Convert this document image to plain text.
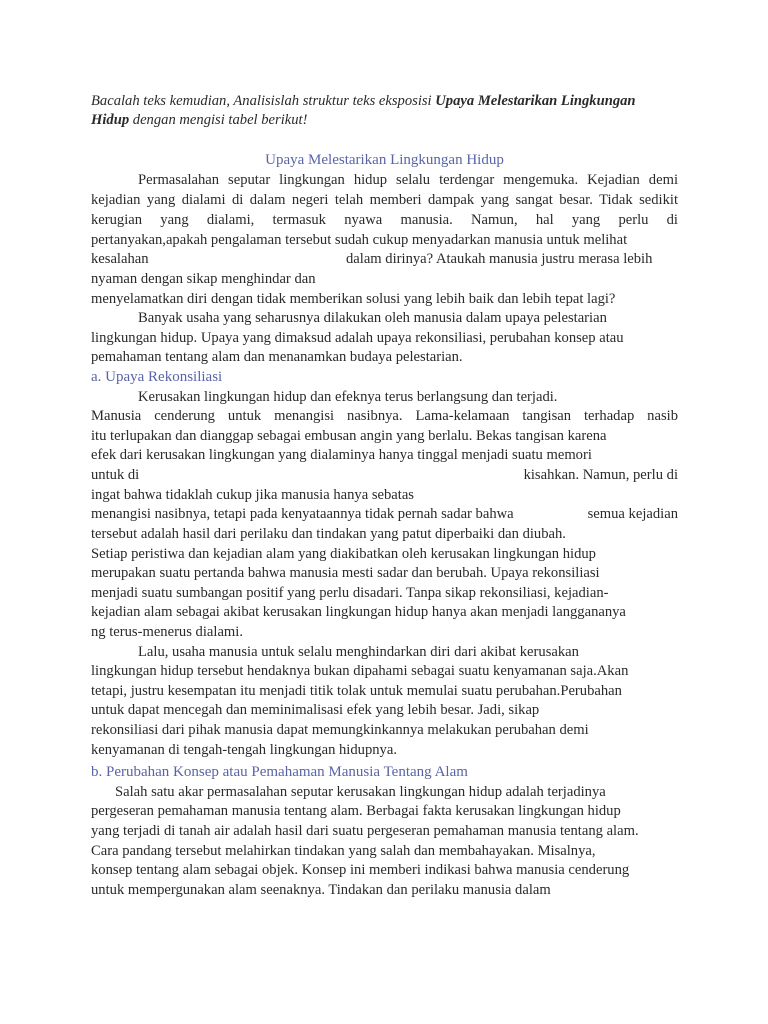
Bacalah teks kemudian, Analisislah struktur teks eksposisi Upaya Melestarikan Lingkungan
Hidup dengan mengisi tabel berikut!
Upaya Melestarikan Lingkungan Hidup
Permasalahan seputar lingkungan hidup selalu terdengar mengemuka. Kejadian demi
kejadian yang dialami di dalam negeri telah memberi dampak yang sangat besar. Tidak sedikit
kerugian yang dialami, termasuk nyawa manusia. Namun, hal yang perlu di
pertanyakan,apakah pengalaman tersebut sudah cukup menyadarkan manusia untuk melihat
kesalahan	dalam dirinya? Ataukah manusia justru merasa lebih
nyaman dengan sikap menghindar dan
menyelamatkan diri dengan tidak memberikan solusi yang lebih baik dan lebih tepat lagi?
Banyak usaha yang seharusnya dilakukan oleh manusia dalam upaya pelestarian
lingkungan hidup. Upaya yang dimaksud adalah upaya rekonsiliasi, perubahan konsep atau
pemahaman tentang alam dan menanamkan budaya pelestarian.
a. Upaya Rekonsiliasi
Kerusakan lingkungan hidup dan efeknya terus berlangsung dan terjadi.
Manusia cenderung untuk menangisi nasibnya. Lama-kelamaan tangisan terhadap nasib
itu terlupakan dan dianggap sebagai embusan angin yang berlalu. Bekas tangisan karena
efek dari kerusakan lingkungan yang dialaminya hanya tinggal menjadi suatu memori
untuk di	kisahkan. Namun, perlu di
ingat bahwa tidaklah cukup jika manusia hanya sebatas
menangisi nasibnya, tetapi pada kenyataannya tidak pernah sadar bahwa	semua kejadian
tersebut adalah hasil dari perilaku dan tindakan yang patut diperbaiki dan diubah.
Setiap peristiwa dan kejadian alam yang diakibatkan oleh kerusakan lingkungan hidup
merupakan suatu pertanda bahwa manusia mesti sadar dan berubah. Upaya rekonsiliasi
menjadi suatu sumbangan positif yang perlu disadari. Tanpa sikap rekonsiliasi, kejadian-
kejadian alam sebagai akibat kerusakan lingkungan hidup hanya akan menjadi langgananya
ng terus-menerus dialami.
Lalu, usaha manusia untuk selalu menghindarkan diri dari akibat kerusakan
lingkungan hidup tersebut hendaknya bukan dipahami sebagai suatu kenyamanan saja.Akan
tetapi, justru kesempatan itu menjadi titik tolak untuk memulai suatu perubahan.Perubahan
untuk dapat mencegah dan meminimalisasi efek yang lebih besar. Jadi, sikap
rekonsiliasi dari pihak manusia dapat memungkinkannya melakukan perubahan demi
kenyamanan di tengah-tengah lingkungan hidupnya.
b. Perubahan Konsep atau Pemahaman Manusia Tentang Alam
Salah satu akar permasalahan seputar kerusakan lingkungan hidup adalah terjadinya
pergeseran pemahaman manusia tentang alam. Berbagai fakta kerusakan lingkungan hidup
yang terjadi di tanah air adalah hasil dari suatu pergeseran pemahaman manusia tentang alam.
Cara pandang tersebut melahirkan tindakan yang salah dan membahayakan. Misalnya,
konsep tentang alam sebagai objek. Konsep ini memberi indikasi bahwa manusia cenderung
untuk mempergunakan alam seenaknya. Tindakan dan perilaku manusia dalam
